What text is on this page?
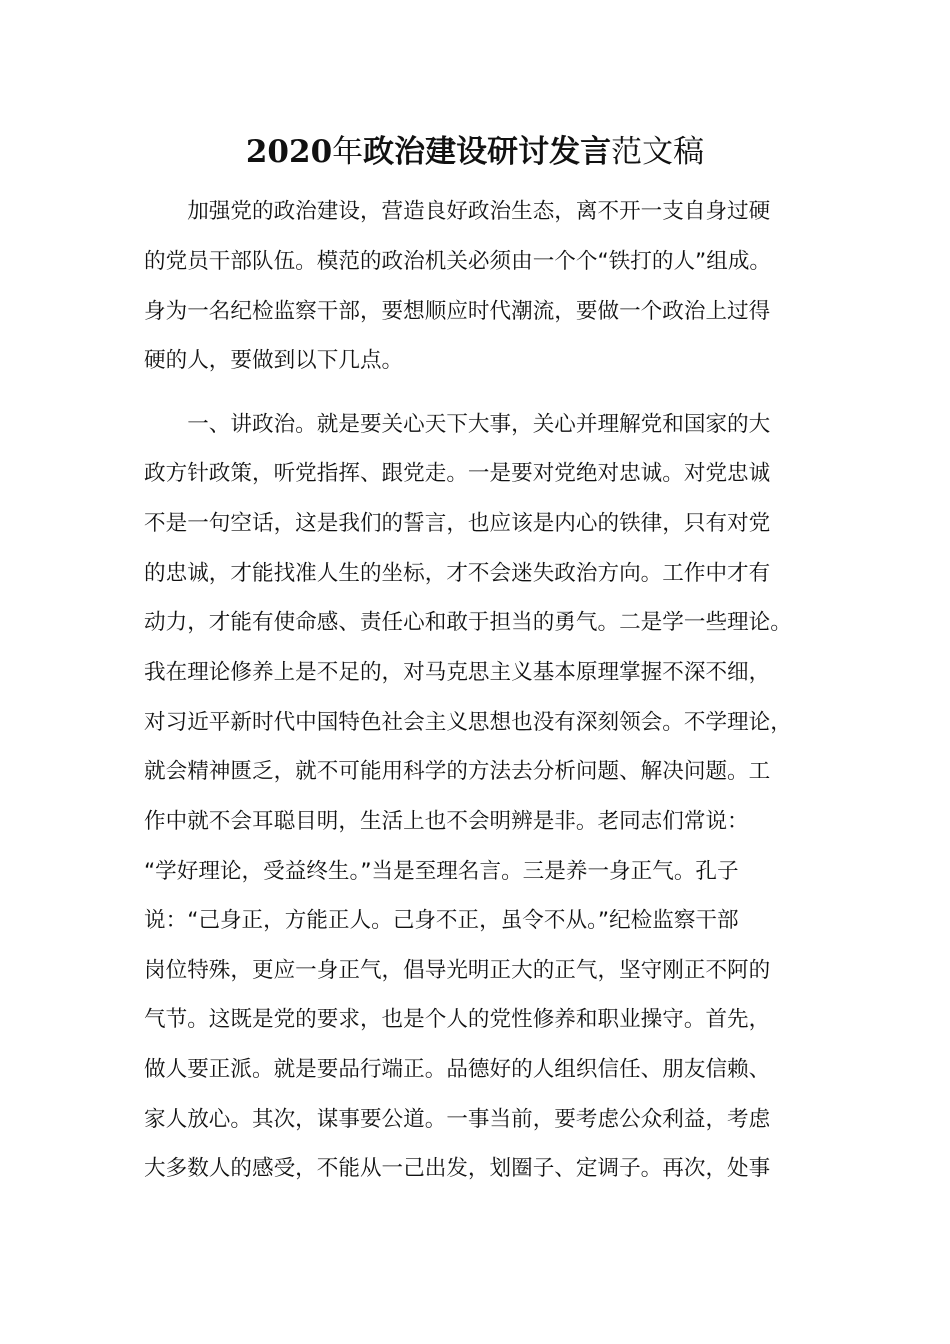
2020年政治建设研讨发言范文稿
　　加强党的政治建设，营造良好政治生态，离不开一支自身过硬
的党员干部队伍。模范的政治机关必须由一个个“铁打的人”组成。
身为一名纪检监察干部，要想顺应时代潮流，要做一个政治上过得
硬的人，要做到以下几点。
　　一、讲政治。就是要关心天下大事，关心并理解党和国家的大
政方针政策，听党指挥、跟党走。一是要对党绝对忠诚。对党忠诚
不是一句空话，这是我们的誓言，也应该是内心的铁律，只有对党
的忠诚，才能找准人生的坐标，才不会迷失政治方向。工作中才有
动力，才能有使命感、责任心和敢于担当的勇气。二是学一些理论。
我在理论修养上是不足的，对马克思主义基本原理掌握不深不细，
对习近平新时代中国特色社会主义思想也没有深刻领会。不学理论，
就会精神匮乏，就不可能用科学的方法去分析问题、解决问题。工
作中就不会耳聪目明，生活上也不会明辨是非。老同志们常说：
“学好理论，受益终生。”当是至理名言。三是养一身正气。孔子
说：“己身正，方能正人。己身不正，虽令不从。”纪检监察干部
岗位特殊，更应一身正气，倡导光明正大的正气，坚守刚正不阿的
气节。这既是党的要求，也是个人的党性修养和职业操守。首先，
做人要正派。就是要品行端正。品德好的人组织信任、朋友信赖、
家人放心。其次，谋事要公道。一事当前，要考虑公众利益，考虑
大多数人的感受，不能从一己出发，划圈子、定调子。再次，处事
